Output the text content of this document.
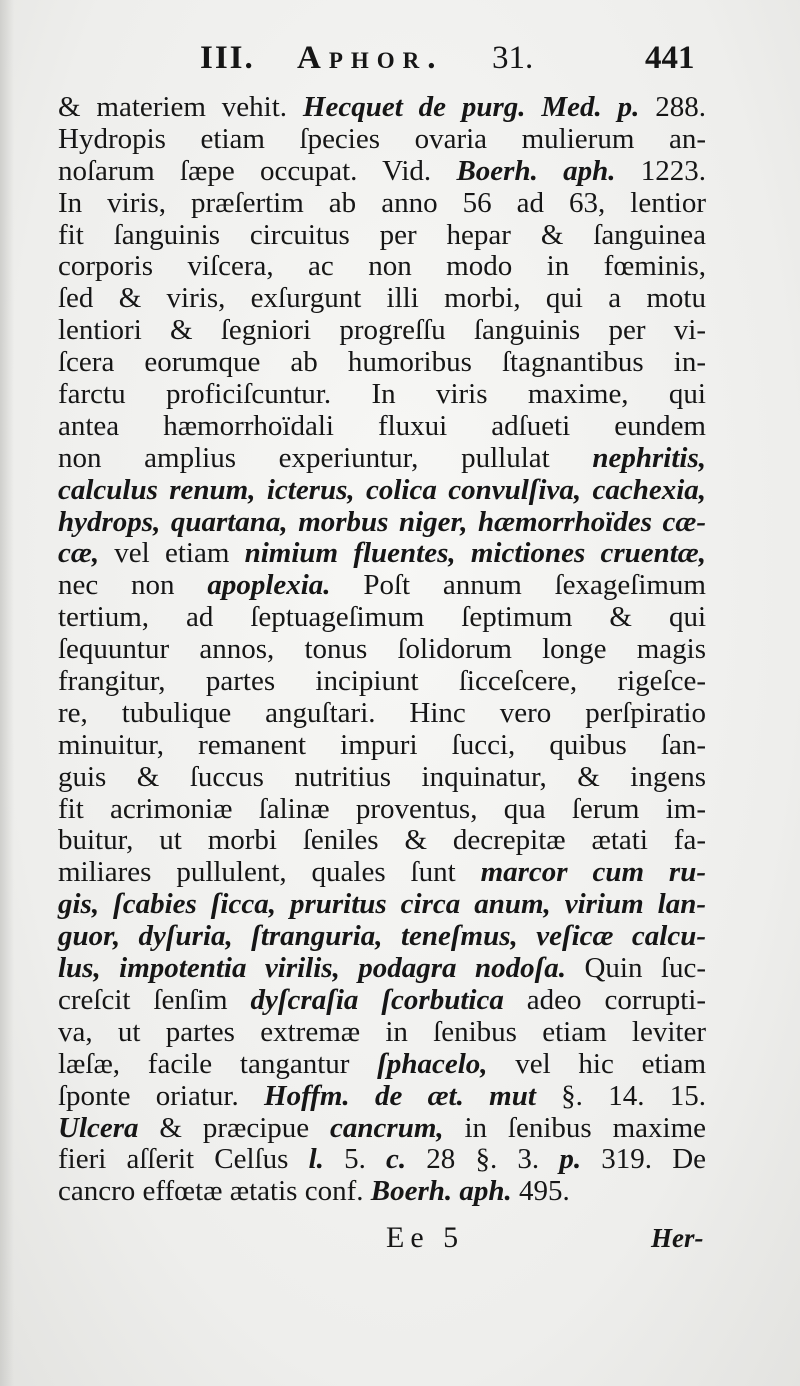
III. Aphor. 31.	441
& materiem vehit. Hecquet de purg. Med. p. 288.
Hydropis etiam ſpecies ovaria mulierum an-
noſarum ſæpe occupat. Vid. Boerh. aph. 1223.
In viris, præſertim ab anno 56 ad 63, lentior
fit ſanguinis circuitus per hepar & ſanguinea
corporis viſcera, ac non modo in fœminis,
ſed & viris, exſurgunt illi morbi, qui a motu
lentiori & ſegniori progreſſu ſanguinis per vi-
ſcera eorumque ab humoribus ſtagnantibus in-
farctu proficiſcuntur. In viris maxime, qui
antea hæmorrhoïdali fluxui adſueti eundem
non amplius experiuntur, pullulat nephritis,
calculus renum, icterus, colica convulſiva, cachexia,
hydrops, quartana, morbus niger, hæmorrhoïdes cæ-
cæ, vel etiam nimium fluentes, mictiones cruentæ,
nec non apoplexia. Poſt annum ſexageſimum
tertium, ad ſeptuageſimum ſeptimum & qui
ſequuntur annos, tonus ſolidorum longe magis
frangitur, partes incipiunt ſicceſcere, rigeſce-
re, tubulique anguſtari. Hinc vero perſpiratio
minuitur, remanent impuri ſucci, quibus ſan-
guis & ſuccus nutritius inquinatur, & ingens
fit acrimoniæ ſalinæ proventus, qua ſerum im-
buitur, ut morbi ſeniles & decrepitæ ætati fa-
miliares pullulent, quales ſunt marcor cum ru-
gis, ſcabies ſicca, pruritus circa anum, virium lan-
guor, dyſuria, ſtranguria, teneſmus, veſicæ calcu-
lus, impotentia virilis, podagra nodoſa. Quin ſuc-
creſcit ſenſim dyſcraſia ſcorbutica adeo corrupti-
va, ut partes extremæ in ſenibus etiam leviter
læſæ, facile tangantur ſphacelo, vel hic etiam
ſponte oriatur. Hoffm. de æt. mut §. 14. 15.
Ulcera & præcipue cancrum, in ſenibus maxime
fieri aſſerit Celſus l. 5. c. 28 §. 3. p. 319. De
cancro effœtæ ætatis conf. Boerh. aph. 495.
Ee 5	Her-
